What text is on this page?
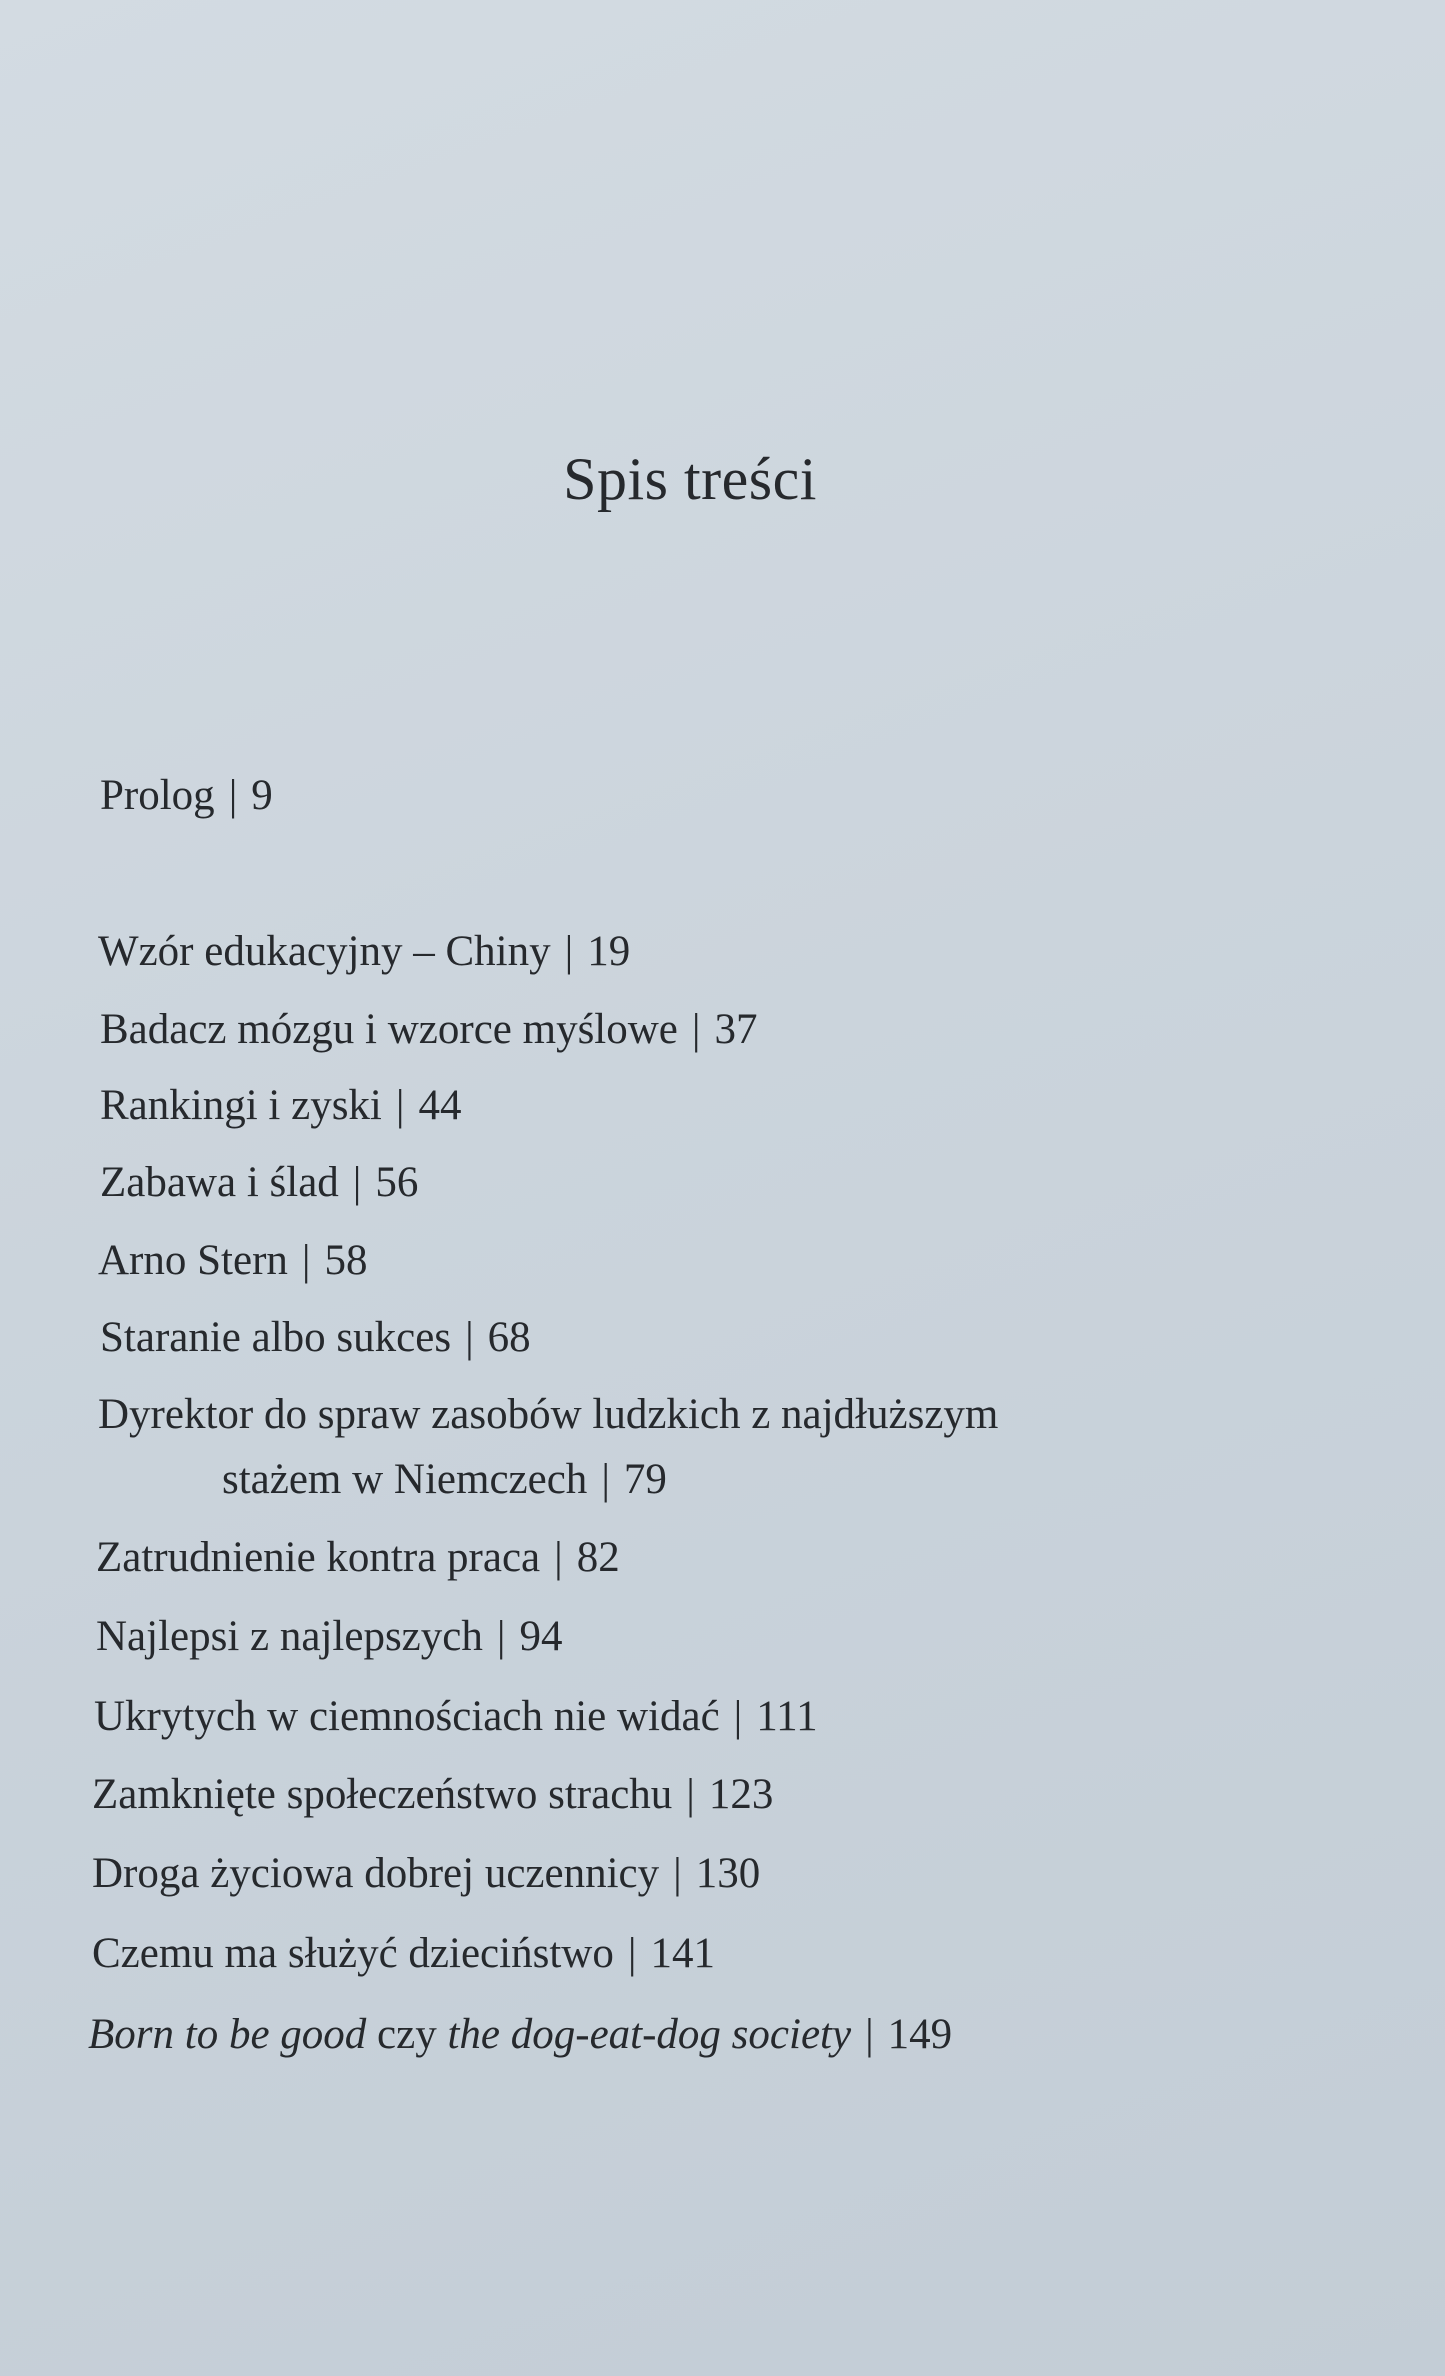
Spis treści
Prolog | 9
Wzór edukacyjny – Chiny | 19
Badacz mózgu i wzorce myślowe | 37
Rankingi i zyski | 44
Zabawa i ślad | 56
Arno Stern | 58
Staranie albo sukces | 68
Dyrektor do spraw zasobów ludzkich z najdłuższym
stażem w Niemczech | 79
Zatrudnienie kontra praca | 82
Najlepsi z najlepszych | 94
Ukrytych w ciemnościach nie widać | 111
Zamknięte społeczeństwo strachu | 123
Droga życiowa dobrej uczennicy | 130
Czemu ma służyć dzieciństwo | 141
Born to be good czy the dog-eat-dog society | 149
